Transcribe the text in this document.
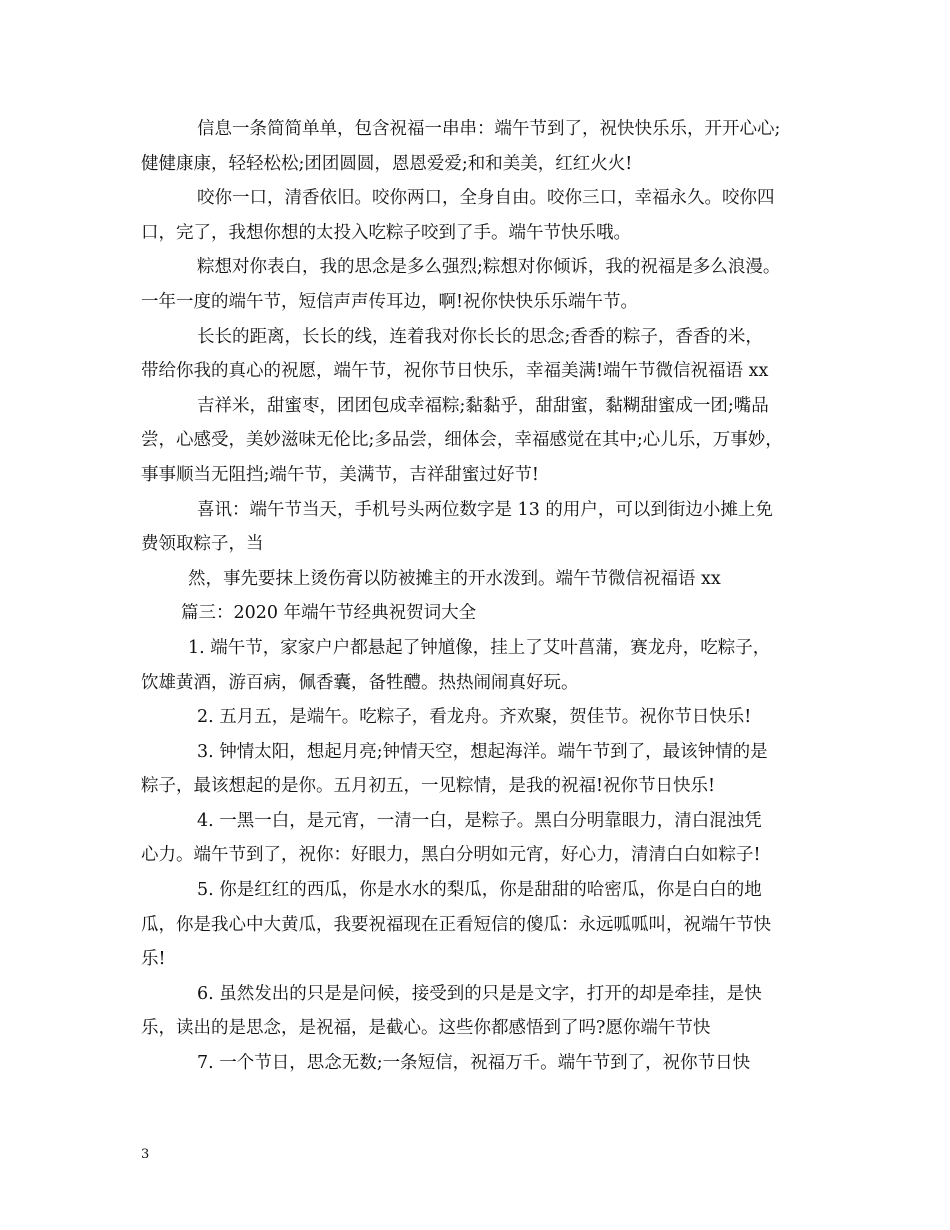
信息一条简简单单，包含祝福一串串：端午节到了，祝快快乐乐，开开心心;
健健康康，轻轻松松;团团圆圆，恩恩爱爱;和和美美，红红火火!
咬你一口，清香依旧。咬你两口，全身自由。咬你三口，幸福永久。咬你四
口，完了，我想你想的太投入吃粽子咬到了手。端午节快乐哦。
粽想对你表白，我的思念是多么强烈;粽想对你倾诉，我的祝福是多么浪漫。
一年一度的端午节，短信声声传耳边，啊!祝你快快乐乐端午节。
长长的距离，长长的线，连着我对你长长的思念;香香的粽子，香香的米，
带给你我的真心的祝愿，端午节，祝你节日快乐，幸福美满!端午节微信祝福语 xx
吉祥米，甜蜜枣，团团包成幸福粽;黏黏乎，甜甜蜜，黏糊甜蜜成一团;嘴品
尝，心感受，美妙滋味无伦比;多品尝，细体会，幸福感觉在其中;心儿乐，万事妙，
事事顺当无阻挡;端午节，美满节，吉祥甜蜜过好节!
喜讯：端午节当天，手机号头两位数字是 13 的用户，可以到街边小摊上免
费领取粽子，当
然，事先要抹上烫伤膏以防被摊主的开水泼到。端午节微信祝福语 xx
篇三：2020 年端午节经典祝贺词大全
1. 端午节，家家户户都悬起了钟馗像，挂上了艾叶菖蒲，赛龙舟，吃粽子，
饮雄黄酒，游百病，佩香囊，备牲醴。热热闹闹真好玩。
2. 五月五，是端午。吃粽子，看龙舟。齐欢聚，贺佳节。祝你节日快乐!
3. 钟情太阳，想起月亮;钟情天空，想起海洋。端午节到了，最该钟情的是
粽子，最该想起的是你。五月初五，一见粽情，是我的祝福!祝你节日快乐!
4. 一黑一白，是元宵，一清一白，是粽子。黑白分明靠眼力，清白混浊凭
心力。端午节到了，祝你：好眼力，黑白分明如元宵，好心力，清清白白如粽子!
5. 你是红红的西瓜，你是水水的梨瓜，你是甜甜的哈密瓜，你是白白的地
瓜，你是我心中大黄瓜，我要祝福现在正看短信的傻瓜：永远呱呱叫，祝端午节快
乐!
6. 虽然发出的只是是问候，接受到的只是是文字，打开的却是牵挂，是快
乐，读出的是思念，是祝福，是截心。这些你都感悟到了吗?愿你端午节快
7. 一个节日，思念无数;一条短信，祝福万千。端午节到了，祝你节日快
3
